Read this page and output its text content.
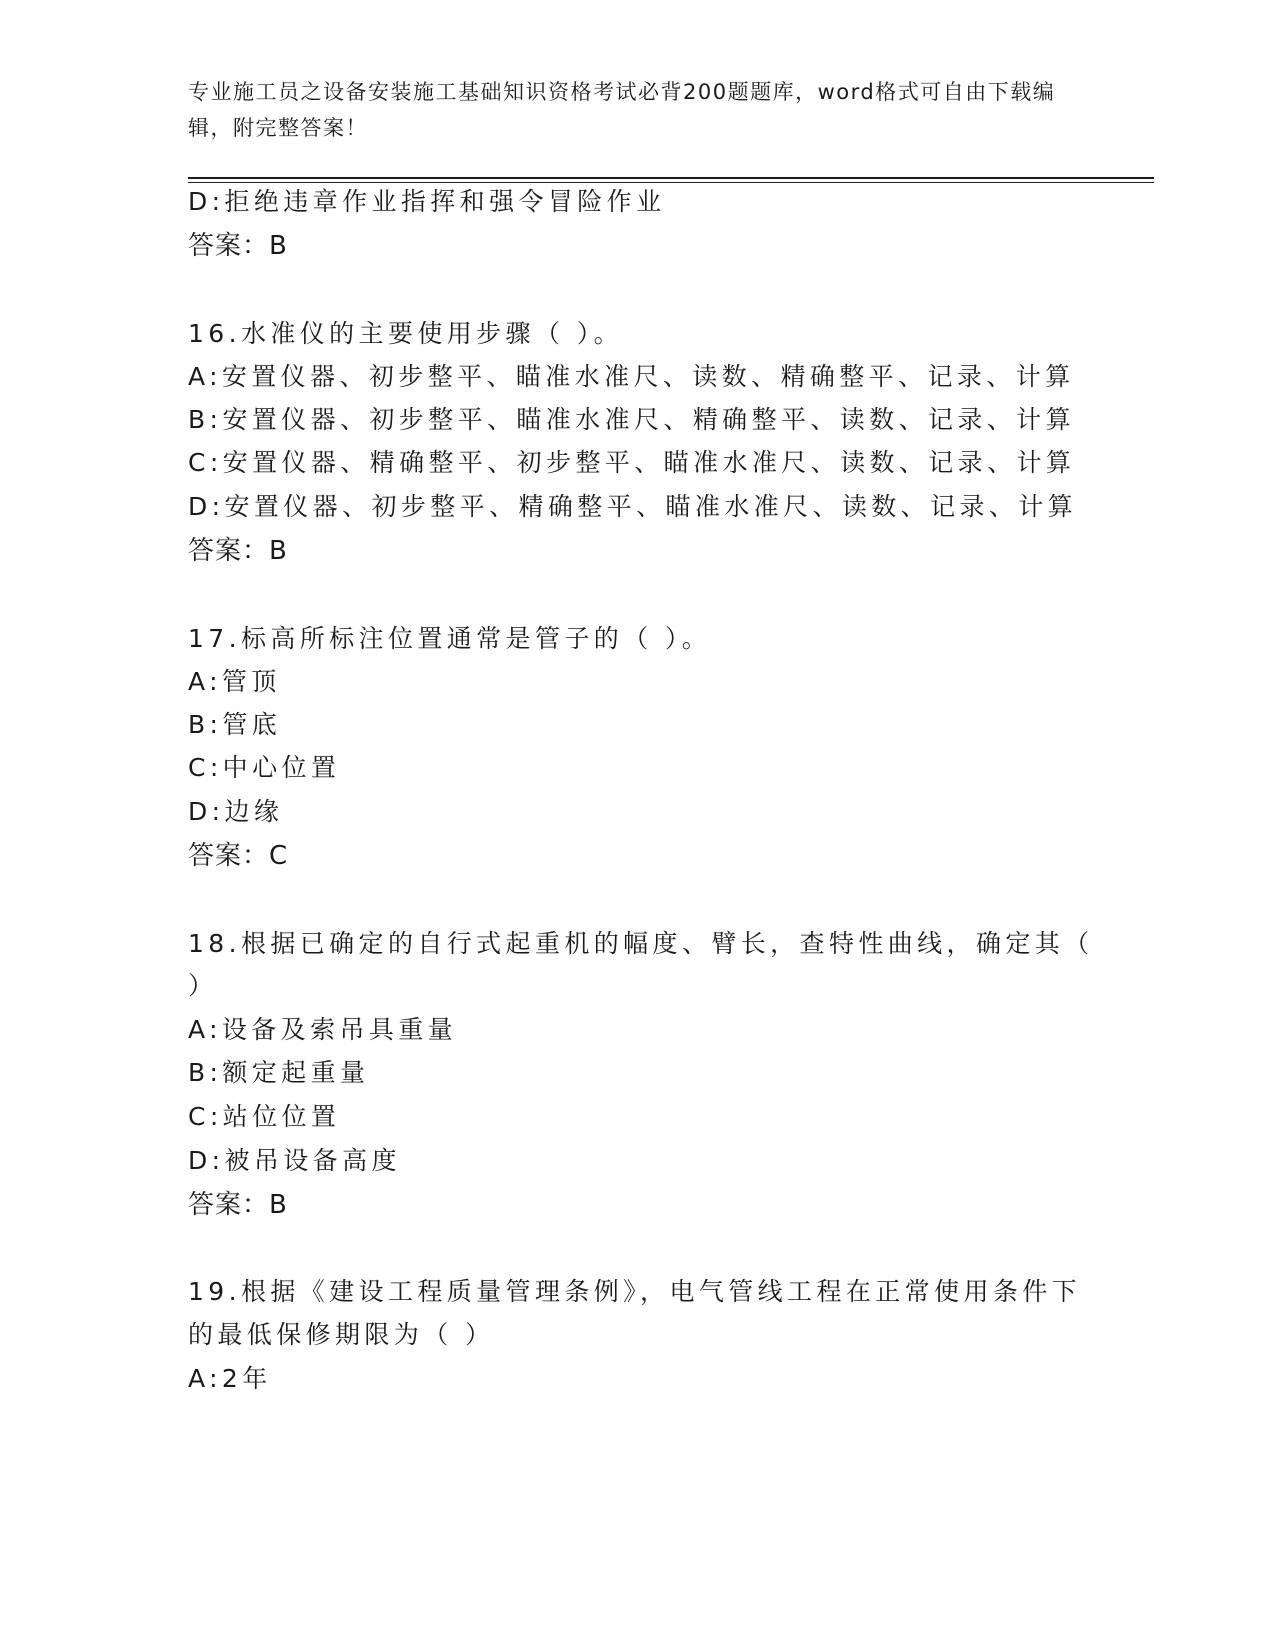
专业施工员之设备安装施工基础知识资格考试必背200题题库，word格式可自由下载编辑，附完整答案！
D:拒绝违章作业指挥和强令冒险作业
答案：B
16.水准仪的主要使用步骤（ ）。
A:安置仪器、初步整平、瞄准水准尺、读数、精确整平、记录、计算
B:安置仪器、初步整平、瞄准水准尺、精确整平、读数、记录、计算
C:安置仪器、精确整平、初步整平、瞄准水准尺、读数、记录、计算
D:安置仪器、初步整平、精确整平、瞄准水准尺、读数、记录、计算
答案：B
17.标高所标注位置通常是管子的（ ）。
A:管顶
B:管底
C:中心位置
D:边缘
答案：C
18.根据已确定的自行式起重机的幅度、臂长，查特性曲线，确定其（
）
A:设备及索吊具重量
B:额定起重量
C:站位位置
D:被吊设备高度
答案：B
19.根据《建设工程质量管理条例》，电气管线工程在正常使用条件下
的最低保修期限为（ ）
A:2年
